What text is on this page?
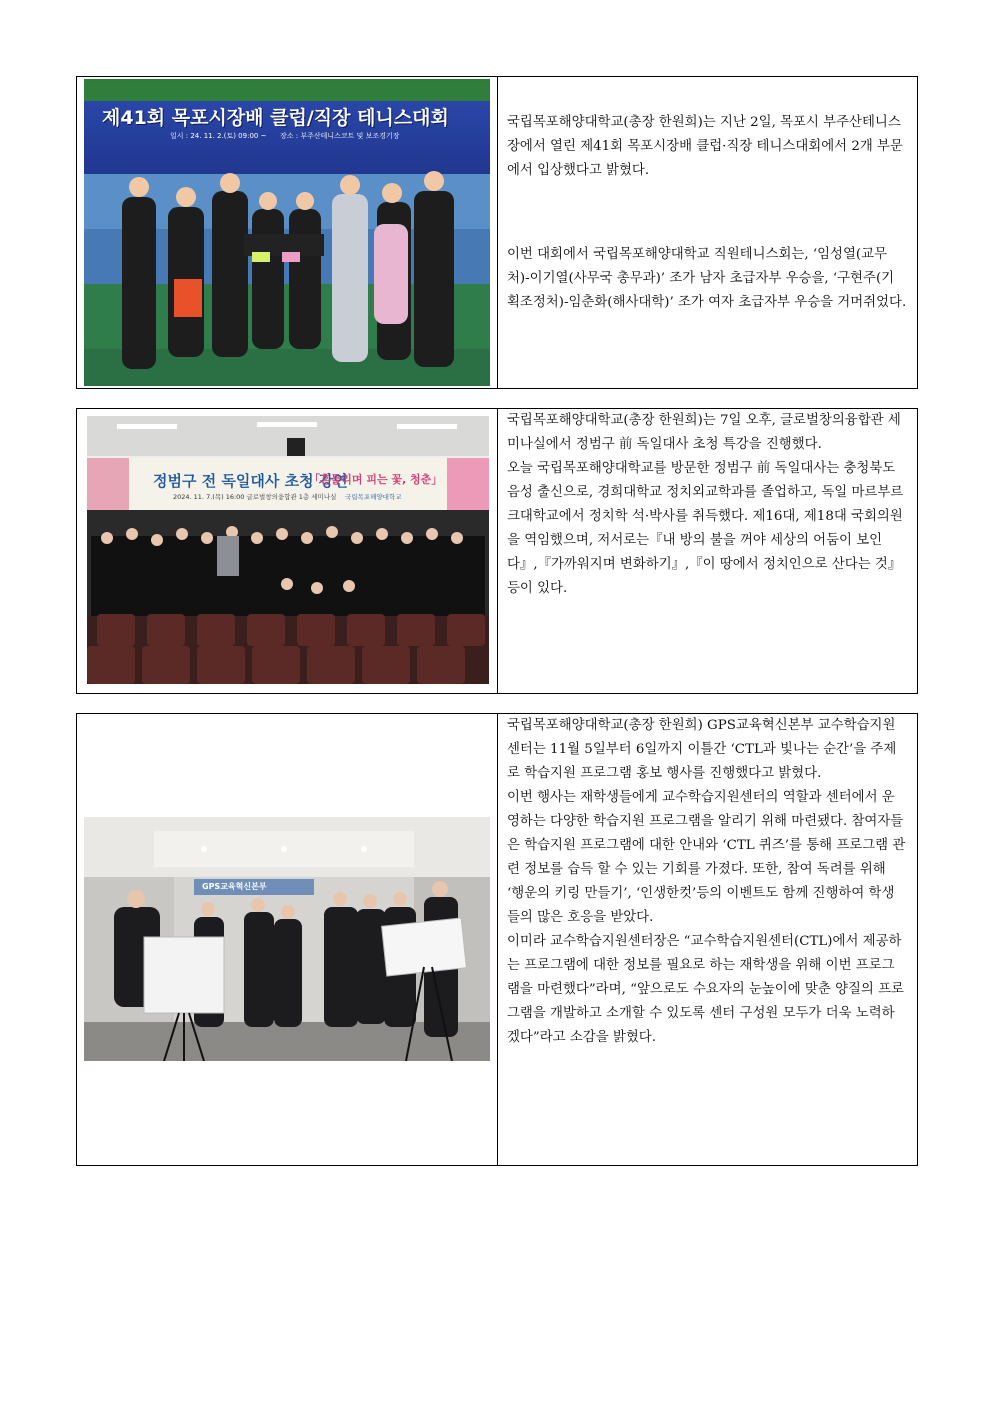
제41회 목포시장배 클럽/직장 테니스대회
일시 : 24. 11. 2.(토) 09:00 ~ 장소 : 부주산테니스코트 및 보조경기장

국립목포해양대학교(총장 한원희)는 지난 2일, 목포시 부주산테니스장에서 열린 제41회 목포시장배 클럽·직장 테니스대회에서 2개 부문에서 입상했다고 밝혔다.

이번 대회에서 국립목포해양대학교 직원테니스회는, ‘임성열(교무처)-이기열(사무국 총무과)’ 조가 남자 초급자부 우승을, ‘구현주(기획조정처)-임춘화(해사대학)’ 조가 여자 초급자부 우승을 거머쥐었다.

정범구 전 독일대사 초청 강연
「흔들리며 피는 꽃, 청춘」
2024. 11. 7.(목) 16:00 글로벌창의융합관 1층 세미나실 국립목포해양대학교

국립목포해양대학교(총장 한원희)는 7일 오후, 글로벌창의융합관 세미나실에서 정범구 前 독일대사 초청 특강을 진행했다.

오늘 국립목포해양대학교를 방문한 정범구 前 독일대사는 충청북도 음성 출신으로, 경희대학교 정치외교학과를 졸업하고, 독일 마르부르크대학교에서 정치학 석·박사를 취득했다. 제16대, 제18대 국회의원을 역임했으며, 저서로는『내 방의 불을 꺼야 세상의 어둠이 보인다』,『가까워지며 변화하기』,『이 땅에서 정치인으로 산다는 것』등이 있다.

GPS교육혁신본부

국립목포해양대학교(총장 한원희) GPS교육혁신본부 교수학습지원센터는 11월 5일부터 6일까지 이틀간 ‘CTL과 빛나는 순간’을 주제로 학습지원 프로그램 홍보 행사를 진행했다고 밝혔다.

이번 행사는 재학생들에게 교수학습지원센터의 역할과 센터에서 운영하는 다양한 학습지원 프로그램을 알리기 위해 마련됐다. 참여자들은 학습지원 프로그램에 대한 안내와 ‘CTL 퀴즈’를 통해 프로그램 관련 정보를 습득 할 수 있는 기회를 가졌다. 또한, 참여 독려를 위해 ‘행운의 키링 만들기’, ‘인생한컷’등의 이벤트도 함께 진행하여 학생들의 많은 호응을 받았다.

이미라 교수학습지원센터장은 “교수학습지원센터(CTL)에서 제공하는 프로그램에 대한 정보를 필요로 하는 재학생을 위해 이번 프로그램을 마련했다”라며, “앞으로도 수요자의 눈높이에 맞춘 양질의 프로그램을 개발하고 소개할 수 있도록 센터 구성원 모두가 더욱 노력하겠다”라고 소감을 밝혔다.
